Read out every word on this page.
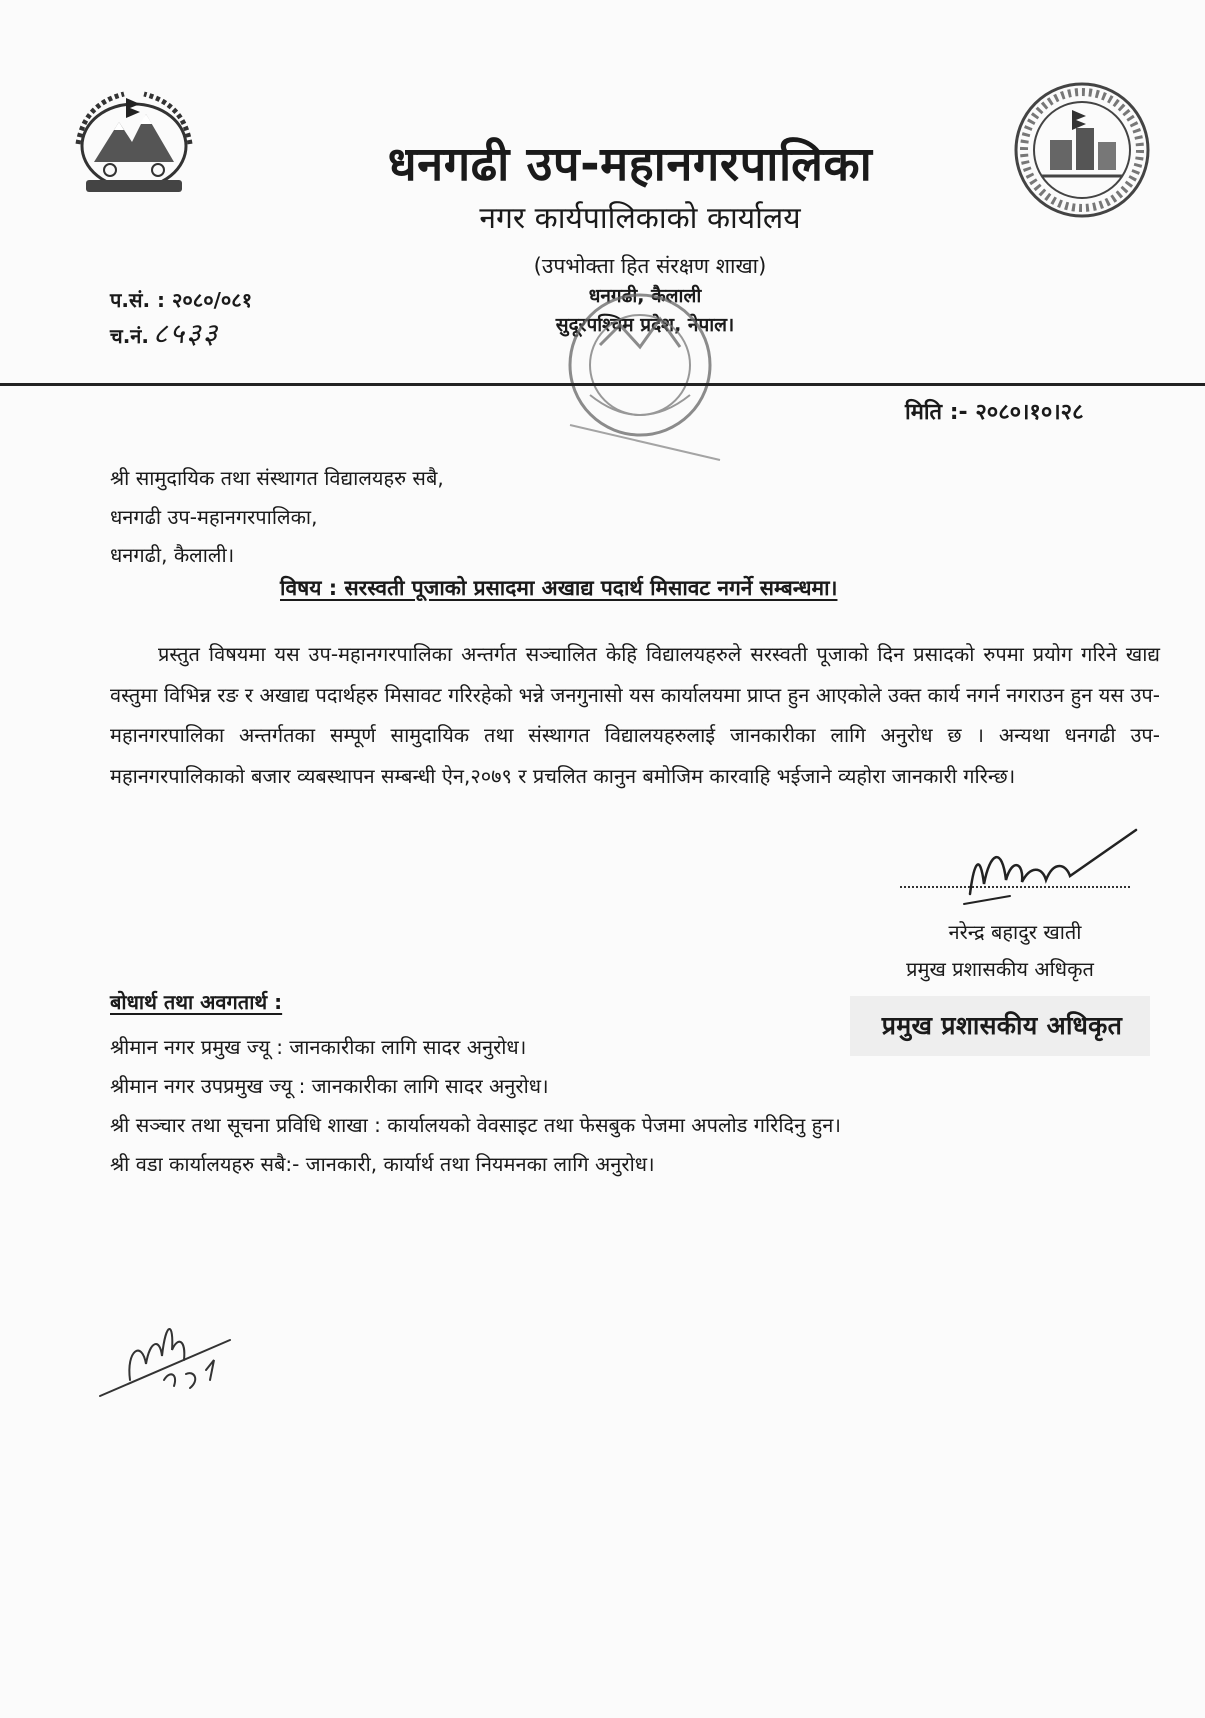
धनगढी उप-महानगरपालिका
नगर कार्यपालिकाको कार्यालय
(उपभोक्ता हित संरक्षण शाखा)
धनगढी, कैलाली
सुदूरपश्चिम प्रदेश, नेपाल।
प.सं. : २०८०/०८१
च.नं. ८५३३
मिति :- २०८०।१०।२८
श्री सामुदायिक तथा संस्थागत विद्यालयहरु सबै,
धनगढी उप-महानगरपालिका,
धनगढी, कैलाली।
विषय : सरस्वती पूजाको प्रसादमा अखाद्य पदार्थ मिसावट नगर्ने सम्बन्धमा।
प्रस्तुत विषयमा यस उप-महानगरपालिका अन्तर्गत सञ्चालित केहि विद्यालयहरुले सरस्वती पूजाको दिन प्रसादको रुपमा प्रयोग गरिने खाद्य वस्तुमा विभिन्न रङ र अखाद्य पदार्थहरु मिसावट गरिरहेको भन्ने जनगुनासो यस कार्यालयमा प्राप्त हुन आएकोले उक्त कार्य नगर्न नगराउन हुन यस उप-महानगरपालिका अन्तर्गतका सम्पूर्ण सामुदायिक तथा संस्थागत विद्यालयहरुलाई जानकारीका लागि अनुरोध छ । अन्यथा धनगढी उप-महानगरपालिकाको बजार व्यबस्थापन सम्बन्धी ऐन,२०७९ र प्रचलित कानुन बमोजिम कारवाहि भईजाने व्यहोरा जानकारी गरिन्छ।
नरेन्द्र बहादुर खाती
प्रमुख प्रशासकीय अधिकृत
प्रमुख प्रशासकीय अधिकृत
बोधार्थ तथा अवगतार्थ :
श्रीमान नगर प्रमुख ज्यू : जानकारीका लागि सादर अनुरोध।
श्रीमान नगर उपप्रमुख ज्यू : जानकारीका लागि सादर अनुरोध।
श्री सञ्चार तथा सूचना प्रविधि शाखा : कार्यालयको वेवसाइट तथा फेसबुक पेजमा अपलोड गरिदिनु हुन।
श्री वडा कार्यालयहरु सबै:- जानकारी, कार्यार्थ तथा नियमनका लागि अनुरोध।
